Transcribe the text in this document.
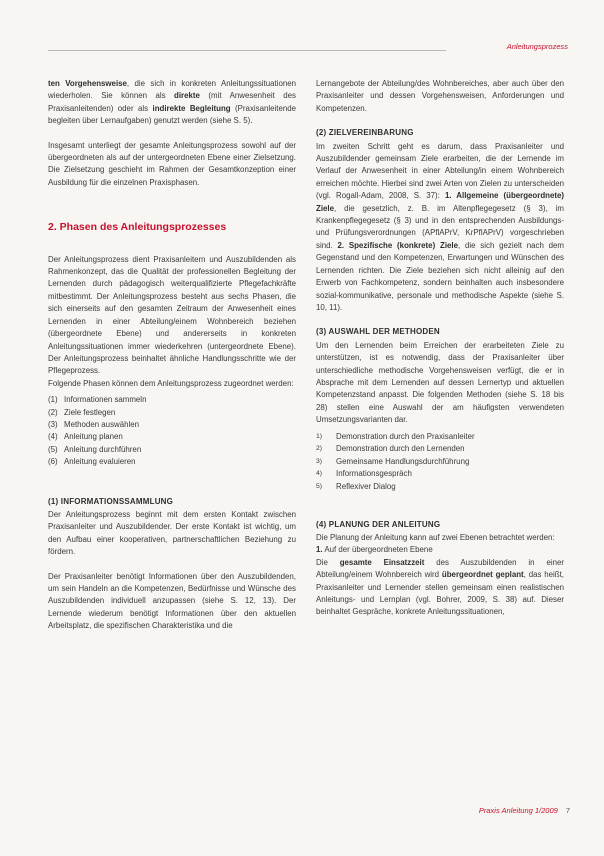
Anleitungsprozess
ten Vorgehensweise, die sich in konkreten Anleitungssituationen wiederholen. Sie können als direkte (mit Anwesenheit des Praxisanleitenden) oder als indirekte Begleitung (Praxisanleitende begleiten über Lernaufgaben) genutzt werden (siehe S. 5).
Insgesamt unterliegt der gesamte Anleitungsprozess sowohl auf der übergeordneten als auf der untergeordneten Ebene einer Zielsetzung. Die Zielsetzung geschieht im Rahmen der Gesamtkonzeption einer Ausbildung für die einzelnen Praxisphasen.
2. Phasen des Anleitungsprozesses
Der Anleitungsprozess dient Praxisanleitern und Auszubildenden als Rahmenkonzept, das die Qualität der professionellen Begleitung der Lernenden durch pädagogisch weiterqualifizierte Pflegefachkräfte mitbestimmt. Der Anleitungsprozess besteht aus sechs Phasen, die sich einerseits auf den gesamten Zeitraum der Anwesenheit eines Lernenden in einer Abteilung/einem Wohnbereich beziehen (übergeordnete Ebene) und andererseits in konkreten Anleitungssituationen immer wiederkehren (untergeordnete Ebene). Der Anleitungsprozess beinhaltet ähnliche Handlungsschritte wie der Pflegeprozess.
Folgende Phasen können dem Anleitungsprozess zugeordnet werden:
(1) Informationen sammeln
(2) Ziele festlegen
(3) Methoden auswählen
(4) Anleitung planen
(5) Anleitung durchführen
(6) Anleitung evaluieren
(1) INFORMATIONSSAMMLUNG
Der Anleitungsprozess beginnt mit dem ersten Kontakt zwischen Praxisanleiter und Auszubildender. Der erste Kontakt ist wichtig, um den Aufbau einer kooperativen, partnerschaftlichen Beziehung zu fördern.
Der Praxisanleiter benötigt Informationen über den Auszubildenden, um sein Handeln an die Kompetenzen, Bedürfnisse und Wünsche des Auszubildenden individuell anzupassen (siehe S. 12, 13). Der Lernende wiederum benötigt Informationen über den aktuellen Arbeitsplatz, die spezifischen Charakteristika und die
Lernangebote der Abteilung/des Wohnbereiches, aber auch über den Praxisanleiter und dessen Vorgehensweisen, Anforderungen und Kompetenzen.
(2) ZIELVEREINBARUNG
Im zweiten Schritt geht es darum, dass Praxisanleiter und Auszubildender gemeinsam Ziele erarbeiten, die der Lernende im Verlauf der Anwesenheit in einer Abteilung/in einem Wohnbereich erreichen möchte. Hierbei sind zwei Arten von Zielen zu unterscheiden (vgl. Rogall-Adam, 2008, S. 37): 1. Allgemeine (übergeordnete) Ziele, die gesetzlich, z. B. im Altenpflegegesetz (§ 3), im Krankenpflegegesetz (§ 3) und in den entsprechenden Ausbildungs- und Prüfungsverordnungen (APflAPrV, KrPflAPrV) vorgeschrieben sind. 2. Spezifische (konkrete) Ziele, die sich gezielt nach dem Gegenstand und den Kompetenzen, Erwartungen und Wünschen des Lernenden richten. Die Ziele beziehen sich nicht alleinig auf den Erwerb von Fachkompetenz, sondern beinhalten auch insbesondere sozial-kommunikative, personale und methodische Aspekte (siehe S. 10, 11).
(3) AUSWAHL DER METHODEN
Um den Lernenden beim Erreichen der erarbeiteten Ziele zu unterstützen, ist es notwendig, dass der Praxisanleiter über unterschiedliche methodische Vorgehensweisen verfügt, die er in Absprache mit dem Lernenden auf dessen Lernertyp und aktuellen Kompetenzstand anpasst. Die folgenden Methoden (siehe S. 18 bis 28) stellen eine Auswahl der am häufigsten verwendeten Umsetzungsvarianten dar.
1)	Demonstration durch den Praxisanleiter
2)	Demonstration durch den Lernenden
3)	Gemeinsame Handlungsdurchführung
4)	Informationsgespräch
5)	Reflexiver Dialog
(4) PLANUNG DER ANLEITUNG
Die Planung der Anleitung kann auf zwei Ebenen betrachtet werden:
1. Auf der übergeordneten Ebene
Die gesamte Einsatzzeit des Auszubildenden in einer Abteilung/einem Wohnbereich wird übergeordnet geplant, das heißt, Praxisanleiter und Lernender stellen gemeinsam einen realistischen Anleitungs- und Lernplan (vgl. Bohrer, 2009, S. 38) auf. Dieser beinhaltet Gespräche, konkrete Anleitungssituationen,
Praxis Anleitung 1/2009 7
